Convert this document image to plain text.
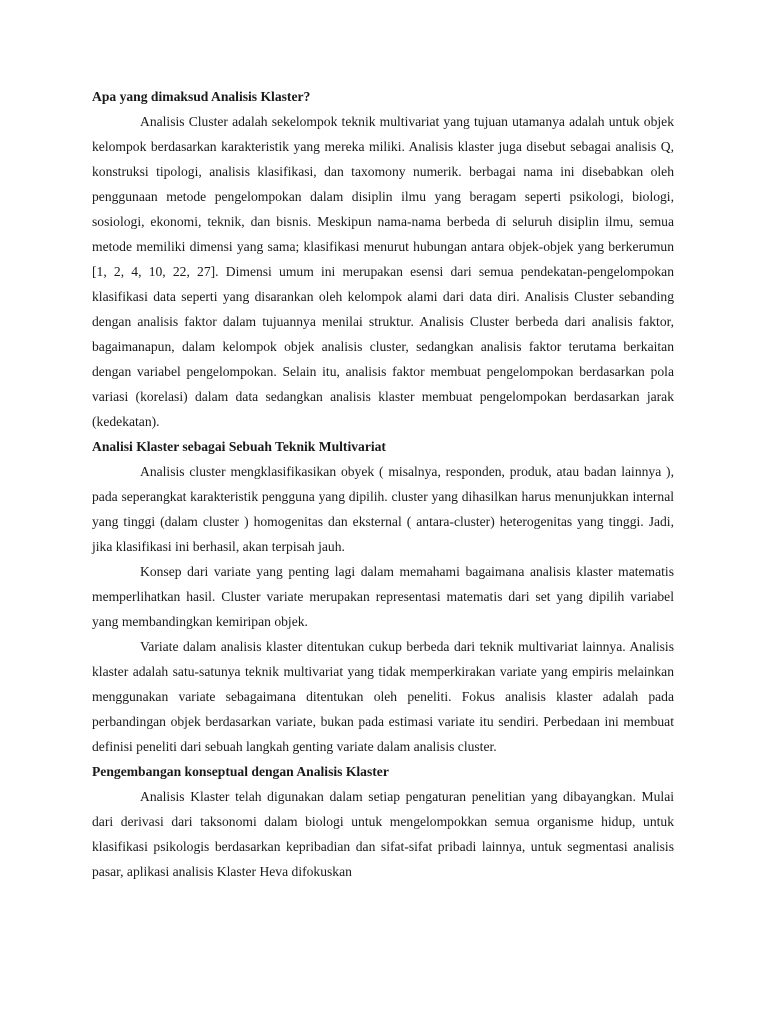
Apa yang dimaksud Analisis Klaster?

Analisis Cluster adalah sekelompok teknik multivariat yang tujuan utamanya adalah untuk objek kelompok berdasarkan karakteristik yang mereka miliki. Analisis klaster juga disebut sebagai analisis Q, konstruksi tipologi, analisis klasifikasi, dan taxomony numerik. berbagai nama ini disebabkan oleh penggunaan metode pengelompokan dalam disiplin ilmu yang beragam seperti psikologi, biologi, sosiologi, ekonomi, teknik, dan bisnis. Meskipun nama-nama berbeda di seluruh disiplin ilmu, semua metode memiliki dimensi yang sama; klasifikasi menurut hubungan antara objek-objek yang berkerumun [1, 2, 4, 10, 22, 27]. Dimensi umum ini merupakan esensi dari semua pendekatan-pengelompokan klasifikasi data seperti yang disarankan oleh kelompok alami dari data diri. Analisis Cluster sebanding dengan analisis faktor dalam tujuannya menilai struktur. Analisis Cluster berbeda dari analisis faktor, bagaimanapun, dalam kelompok objek analisis cluster, sedangkan analisis faktor terutama berkaitan dengan variabel pengelompokan. Selain itu, analisis faktor membuat pengelompokan berdasarkan pola variasi (korelasi) dalam data sedangkan analisis klaster membuat pengelompokan berdasarkan jarak (kedekatan).

Analisi Klaster sebagai Sebuah Teknik Multivariat

Analisis cluster mengklasifikasikan obyek ( misalnya, responden, produk, atau badan lainnya ), pada seperangkat karakteristik pengguna yang dipilih. cluster yang dihasilkan harus menunjukkan internal yang tinggi (dalam cluster ) homogenitas dan eksternal ( antara-cluster) heterogenitas yang tinggi. Jadi, jika klasifikasi ini berhasil, akan terpisah jauh.

Konsep dari variate yang penting lagi dalam memahami bagaimana analisis klaster matematis memperlihatkan hasil. Cluster variate merupakan representasi matematis dari set yang dipilih variabel yang membandingkan kemiripan objek.

Variate dalam analisis klaster ditentukan cukup berbeda dari teknik multivariat lainnya. Analisis klaster adalah satu-satunya teknik multivariat yang tidak memperkirakan variate yang empiris melainkan menggunakan variate sebagaimana ditentukan oleh peneliti. Fokus analisis klaster adalah pada perbandingan objek berdasarkan variate, bukan pada estimasi variate itu sendiri. Perbedaan ini membuat definisi peneliti dari sebuah langkah genting variate dalam analisis cluster.

Pengembangan konseptual dengan Analisis Klaster

Analisis Klaster telah digunakan dalam setiap pengaturan penelitian yang dibayangkan. Mulai dari derivasi dari taksonomi dalam biologi untuk mengelompokkan semua organisme hidup, untuk klasifikasi psikologis berdasarkan kepribadian dan sifat-sifat pribadi lainnya, untuk segmentasi analisis pasar, aplikasi analisis Klaster Heva difokuskan
